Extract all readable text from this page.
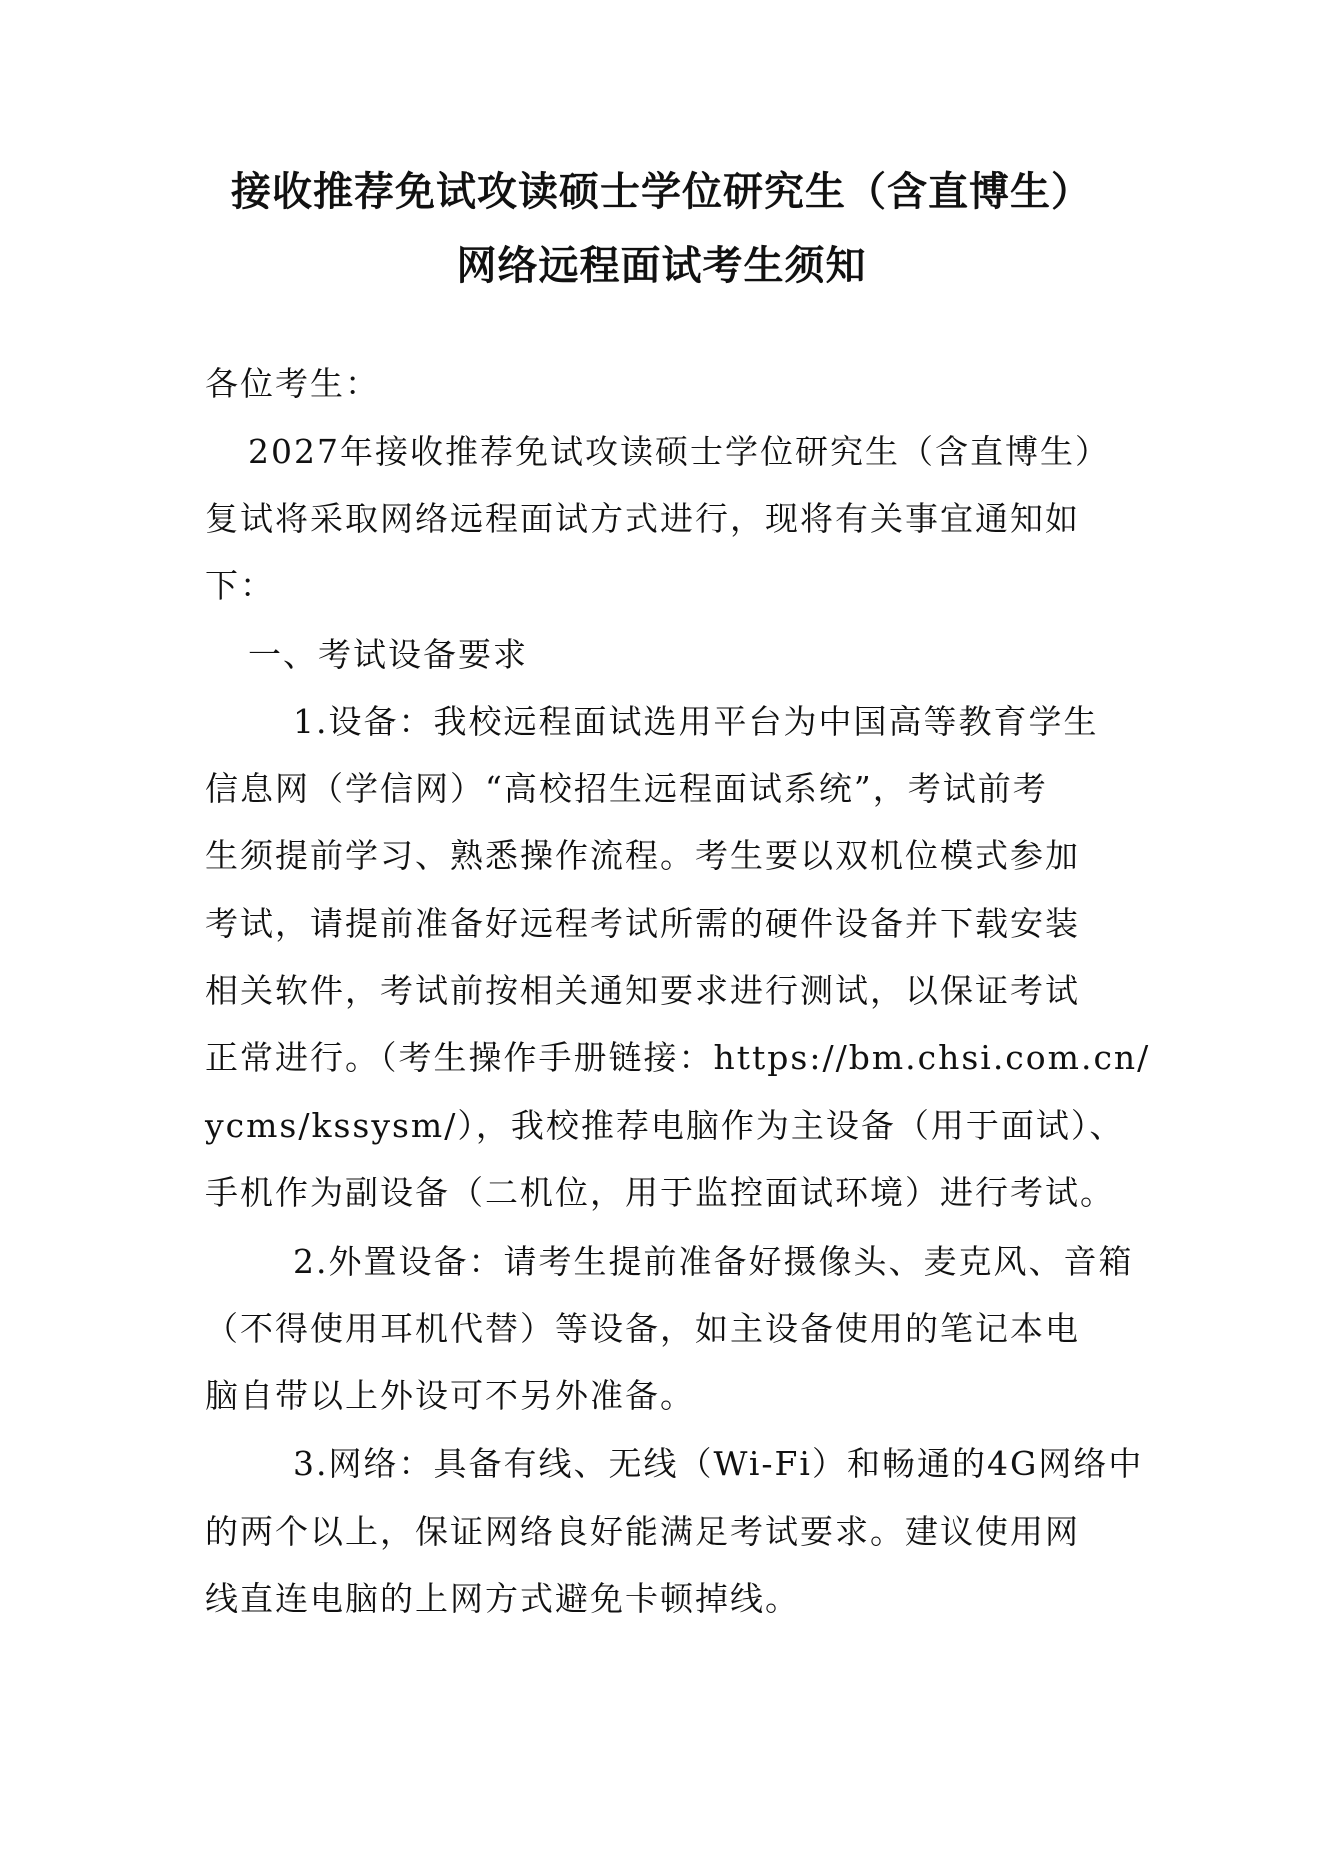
接收推荐免试攻读硕士学位研究生（含直博生）
网络远程面试考生须知
各位考生：
2027年接收推荐免试攻读硕士学位研究生（含直博生）
复试将采取网络远程面试方式进行，现将有关事宜通知如
下：
一、考试设备要求
1.设备：我校远程面试选用平台为中国高等教育学生
信息网（学信网）“高校招生远程面试系统”，考试前考
生须提前学习、熟悉操作流程。考生要以双机位模式参加
考试，请提前准备好远程考试所需的硬件设备并下载安装
相关软件，考试前按相关通知要求进行测试，以保证考试
正常进行。（考生操作手册链接：https://bm.chsi.com.cn/
ycms/kssysm/），我校推荐电脑作为主设备（用于面试）、
手机作为副设备（二机位，用于监控面试环境）进行考试。
2.外置设备：请考生提前准备好摄像头、麦克风、音箱
（不得使用耳机代替）等设备，如主设备使用的笔记本电
脑自带以上外设可不另外准备。
3.网络：具备有线、无线（Wi-Fi）和畅通的4G网络中
的两个以上，保证网络良好能满足考试要求。建议使用网
线直连电脑的上网方式避免卡顿掉线。
